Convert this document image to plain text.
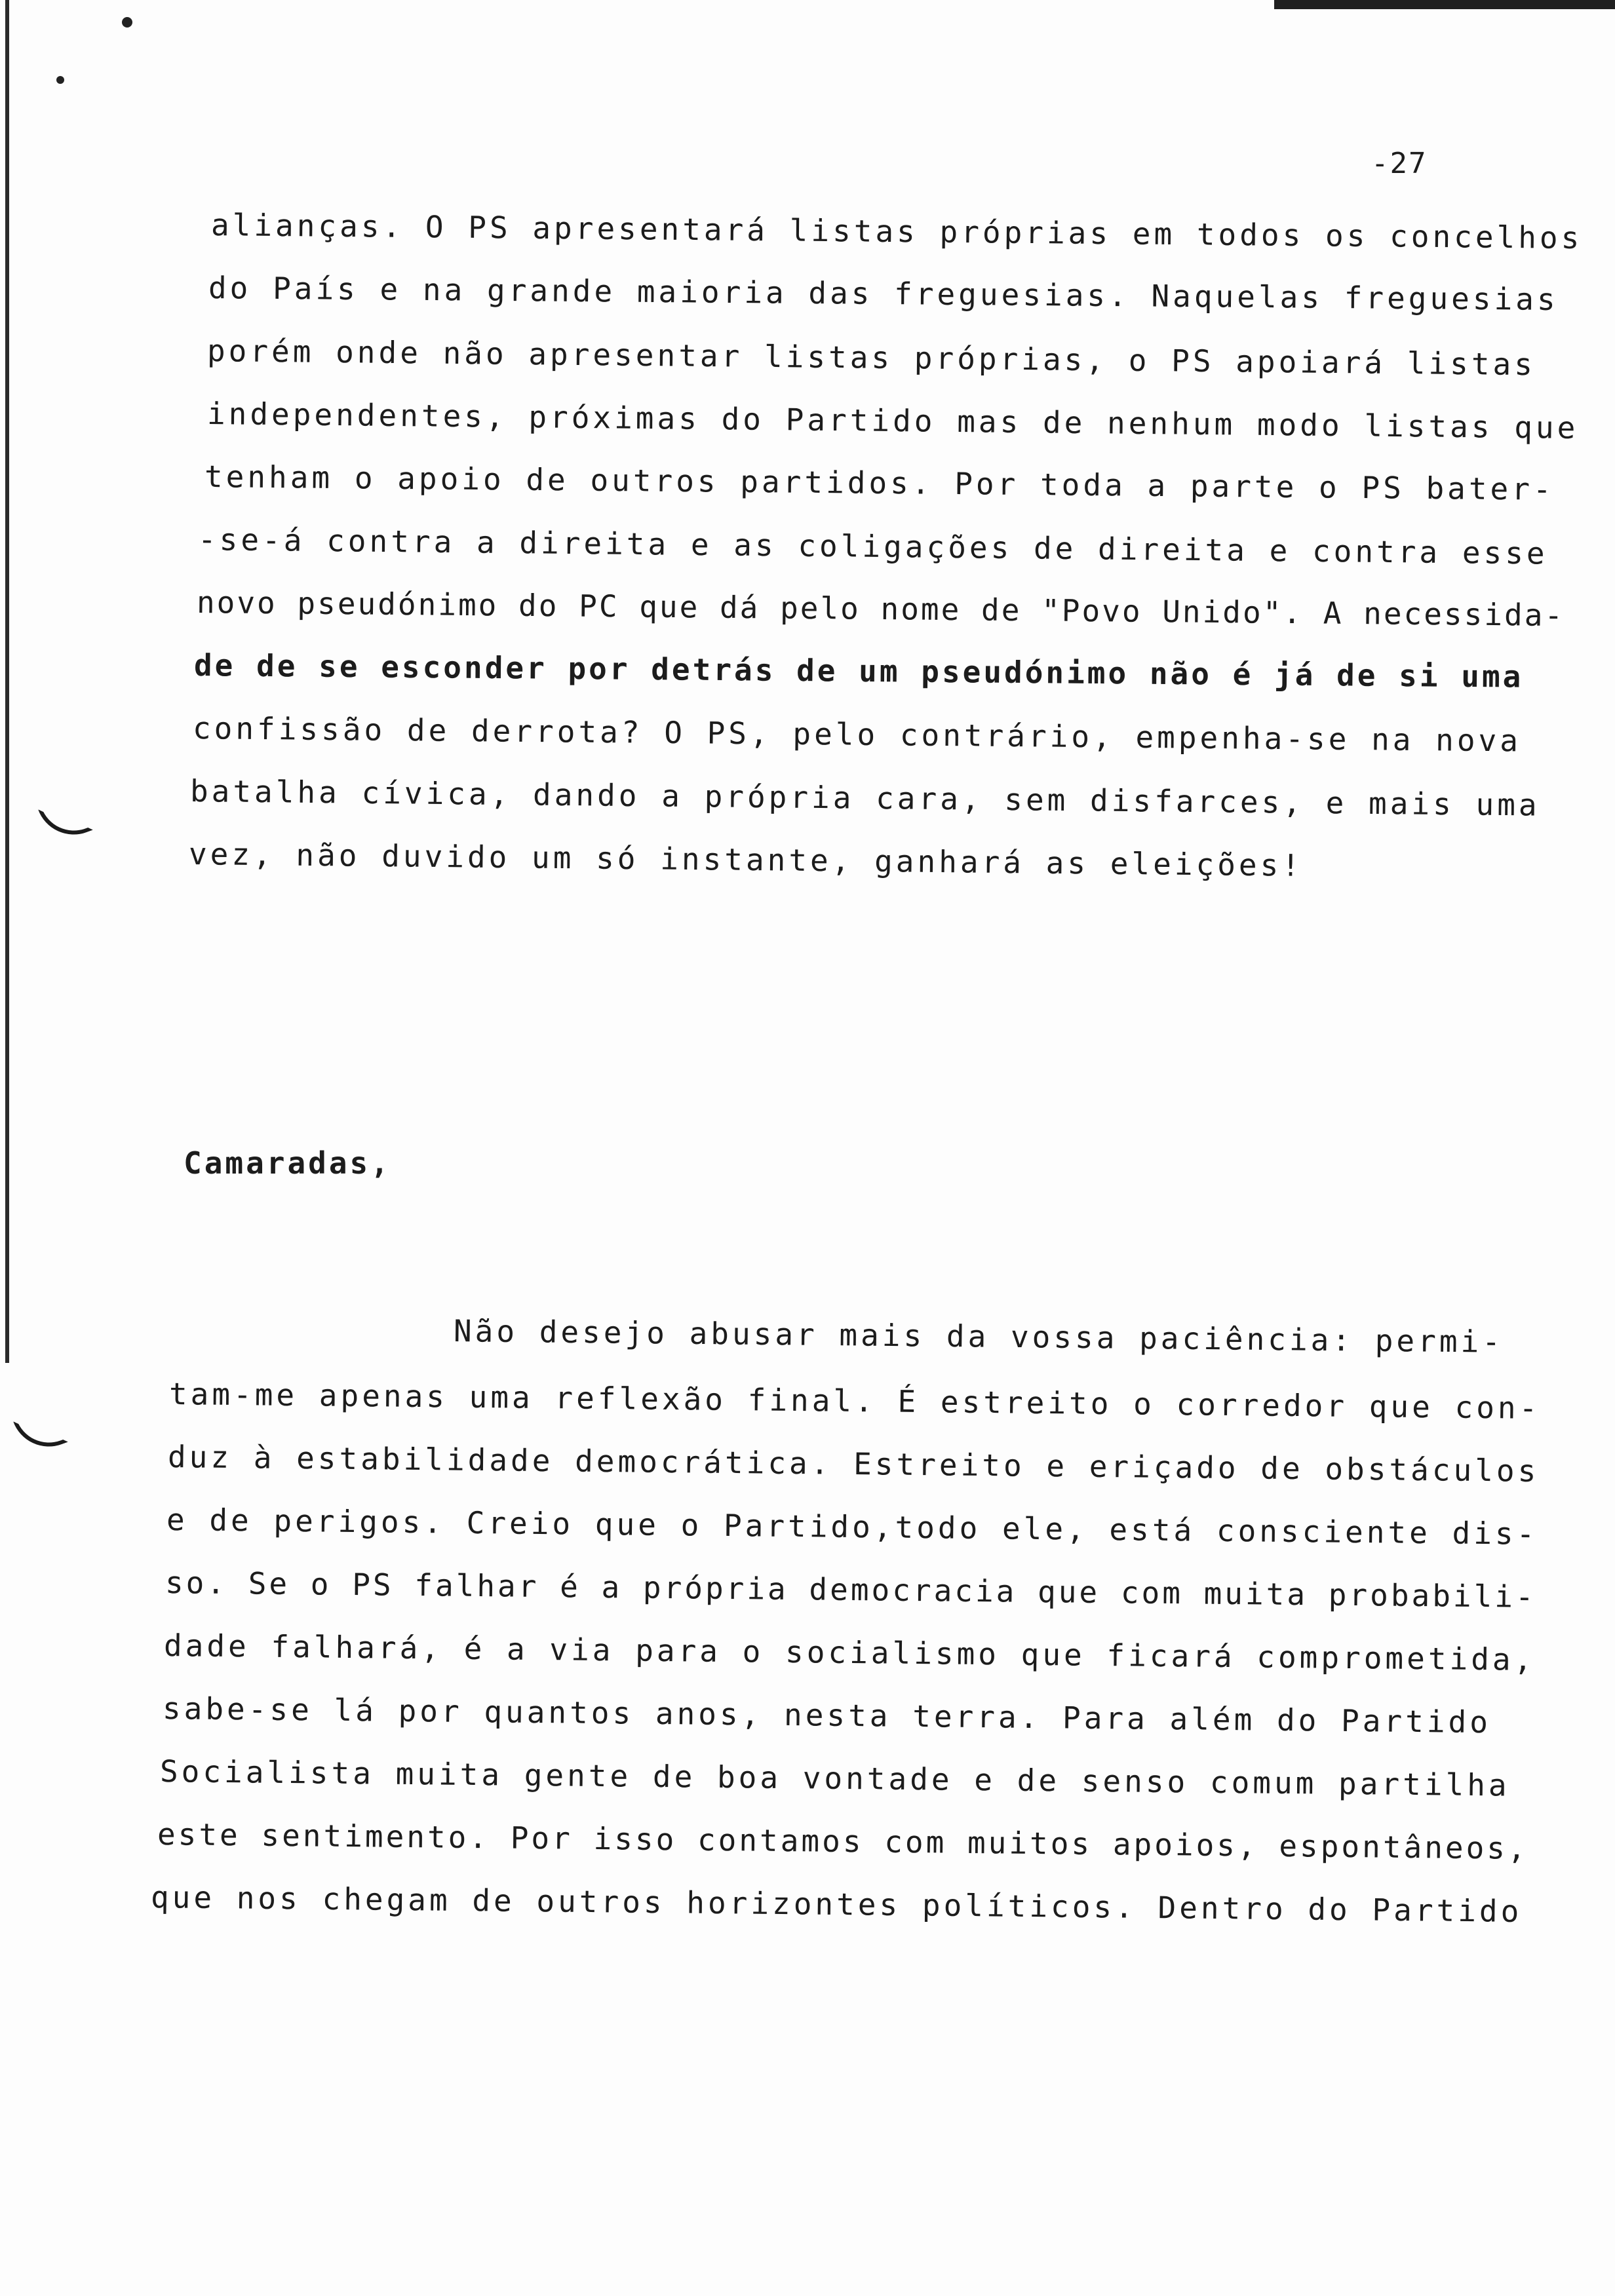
-27
alianças. O PS apresentará listas próprias em todos os concelhos
do País e na grande maioria das freguesias. Naquelas freguesias
porém onde não apresentar listas próprias, o PS apoiará listas
independentes, próximas do Partido mas de nenhum modo listas que
tenham o apoio de outros partidos. Por toda a parte o PS bater-
-se-á contra a direita e as coligações de direita e contra esse
novo pseudónimo do PC que dá pelo nome de "Povo Unido". A necessida-
de de se esconder por detrás de um pseudónimo não é já de si uma
confissão de derrota? O PS, pelo contrário, empenha-se na nova
batalha cívica, dando a própria cara, sem disfarces, e mais uma
vez, não duvido um só instante, ganhará as eleições!
Camaradas,
Não desejo abusar mais da vossa paciência: permi-
tam-me apenas uma reflexão final. É estreito o corredor que con-
duz à estabilidade democrática. Estreito e eriçado de obstáculos
e de perigos. Creio que o Partido,todo ele, está consciente dis-
so. Se o PS falhar é a própria democracia que com muita probabili-
dade falhará, é a via para o socialismo que ficará comprometida,
sabe-se lá por quantos anos, nesta terra. Para além do Partido
Socialista muita gente de boa vontade e de senso comum partilha
este sentimento. Por isso contamos com muitos apoios, espontâneos,
que nos chegam de outros horizontes políticos. Dentro do Partido
